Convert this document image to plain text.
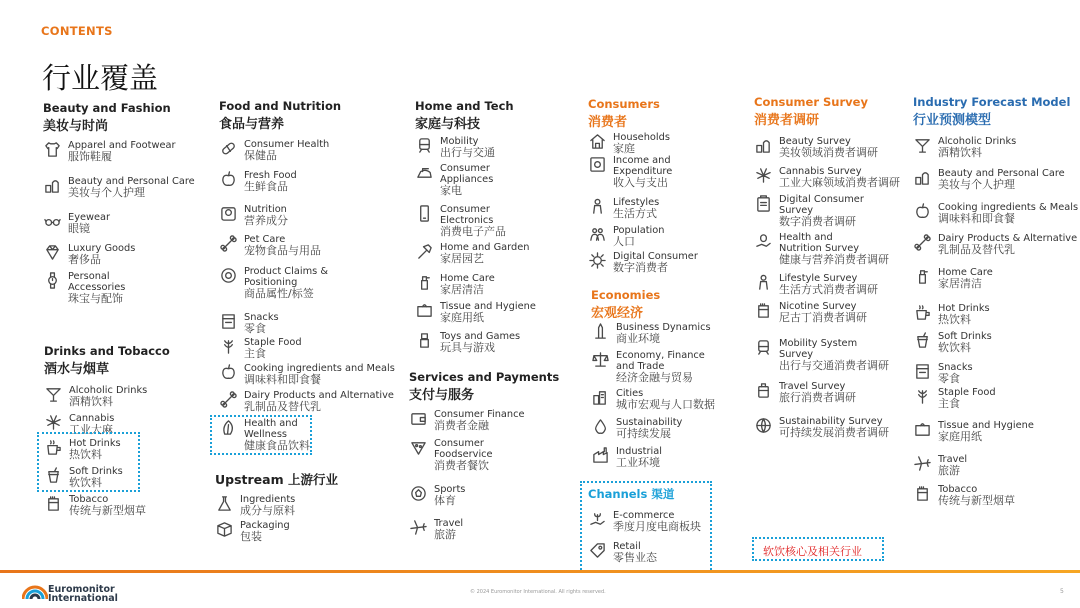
CONTENTS
行业覆盖
Beauty and Fashion
美妆与时尚
Apparel and Footwear
服饰鞋履
Beauty and Personal Care
美妆与个人护理
Eyewear
眼镜
Luxury Goods
奢侈品
Personal
Accessories
珠宝与配饰
Drinks and Tobacco
酒水与烟草
Alcoholic Drinks
酒精饮料
Cannabis
工业大麻
Hot Drinks
热饮料
Soft Drinks
软饮料
Tobacco
传统与新型烟草
Food and Nutrition
食品与营养
Consumer Health
保健品
Fresh Food
生鲜食品
Nutrition
营养成分
Pet Care
宠物食品与用品
Product Claims &
Positioning
商品属性/标签
Snacks
零食
Staple Food
主食
Cooking ingredients and Meals
调味料和即食餐
Dairy Products and Alternative
乳制品及替代乳
Health and
Wellness
健康食品饮料
Upstream 上游行业
Ingredients
成分与原料
Packaging
包装
Home and Tech
家庭与科技
Mobility
出行与交通
Consumer
Appliances
家电
Consumer
Electronics
消费电子产品
Home and Garden
家居园艺
Home Care
家居清洁
Tissue and Hygiene
家庭用纸
Toys and Games
玩具与游戏
Services and Payments
支付与服务
Consumer Finance
消费者金融
Consumer
Foodservice
消费者餐饮
Sports
体育
Travel
旅游
Consumers
消费者
Households
家庭
Income and
Expenditure
收入与支出
Lifestyles
生活方式
Population
人口
Digital Consumer
数字消费者
Economies
宏观经济
Business Dynamics
商业环境
Economy, Finance
and Trade
经济金融与贸易
Cities
城市宏观与人口数据
Sustainability
可持续发展
Industrial
工业环境
Channels 渠道
E-commerce
季度月度电商板块
Retail
零售业态
Consumer Survey
消费者调研
Beauty Survey
美妆领域消费者调研
Cannabis Survey
工业大麻领域消费者调研
Digital Consumer
Survey
数字消费者调研
Health and
Nutrition Survey
健康与营养消费者调研
Lifestyle Survey
生活方式消费者调研
Nicotine Survey
尼古丁消费者调研
Mobility System
Survey
出行与交通消费者调研
Travel Survey
旅行消费者调研
Sustainability Survey
可持续发展消费者调研
Industry Forecast Model
行业预测模型
Alcoholic Drinks
酒精饮料
Beauty and Personal Care
美妆与个人护理
Cooking ingredients & Meals
调味料和即食餐
Dairy Products & Alternative
乳制品及替代乳
Home Care
家居清洁
Hot Drinks
热饮料
Soft Drinks
软饮料
Snacks
零食
Staple Food
主食
Tissue and Hygiene
家庭用纸
Travel
旅游
Tobacco
传统与新型烟草
软饮核心及相关行业
Euromonitor
International
© 2024 Euromonitor International. All rights reserved.	5
